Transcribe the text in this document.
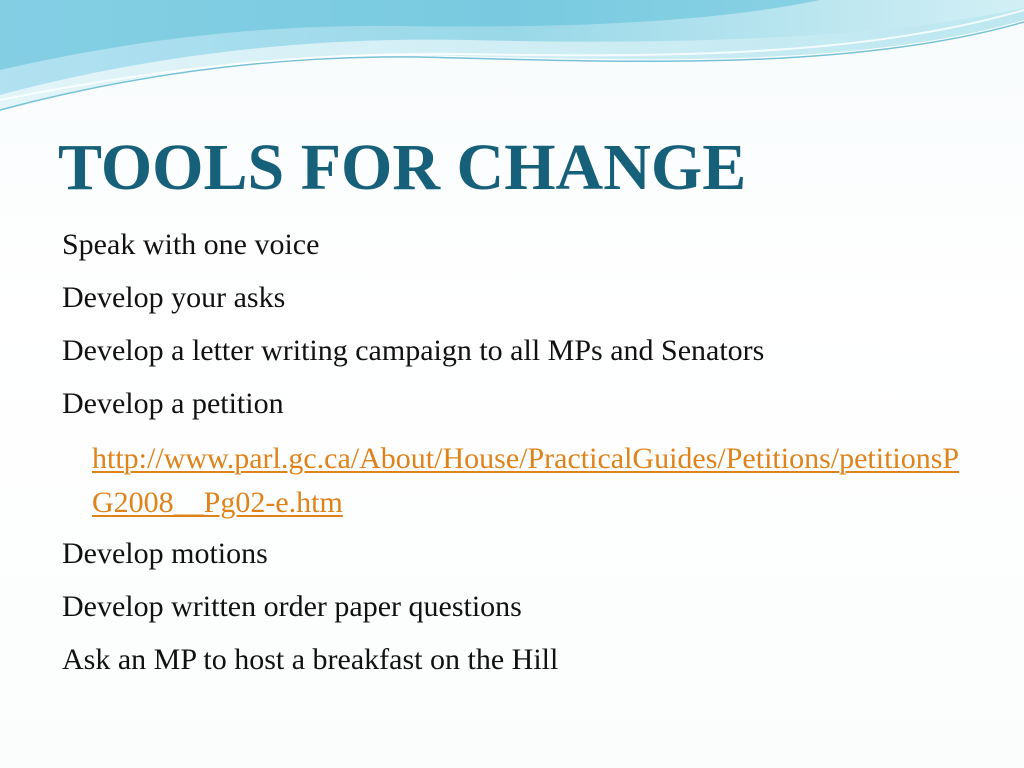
TOOLS FOR CHANGE
Speak with one voice
Develop your asks
Develop a letter writing campaign to all MPs and Senators
Develop a petition
http://www.parl.gc.ca/About/House/PracticalGuides/Petitions/petitionsPG2008__Pg02-e.htm
Develop motions
Develop written order paper questions
Ask an MP to host a breakfast on the Hill
